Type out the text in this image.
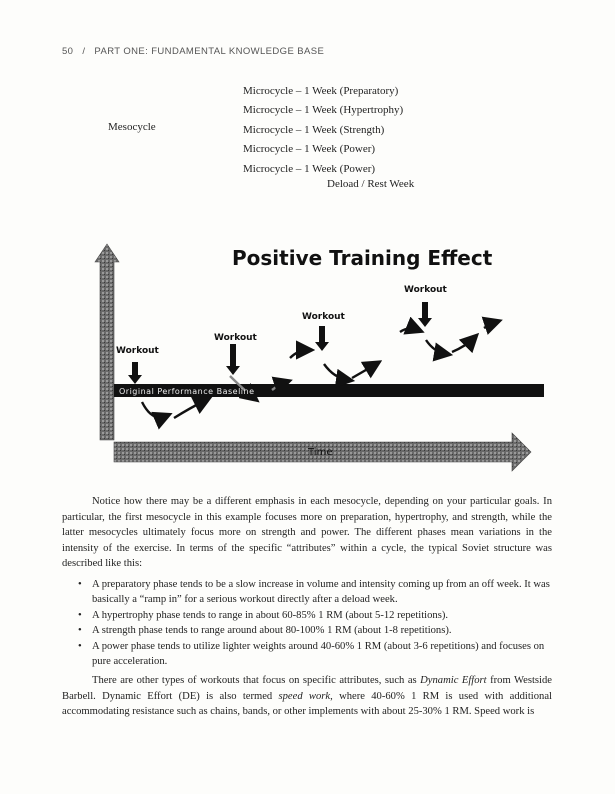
50 / PART ONE: FUNDAMENTAL KNOWLEDGE BASE
Mesocycle
Microcycle – 1 Week (Preparatory)
Microcycle – 1 Week (Hypertrophy)
Microcycle – 1 Week (Strength)
Microcycle – 1 Week (Power)
Microcycle – 1 Week (Power)
Deload / Rest Week
Positive Training Effect
Workout
Workout
Workout
Workout
Original Performance Baseline
Time

Notice how there may be a different emphasis in each mesocycle, depending on your particular goals. In particular, the first mesocycle in this example focuses more on preparation, hypertrophy, and strength, while the latter mesocycles ultimately focus more on strength and power. The different phases mean variations in the intensity of the exercise. In terms of the specific “attributes” within a cycle, the typical Soviet structure was described like this:

• A preparatory phase tends to be a slow increase in volume and intensity coming up from an off week. It was basically a “ramp in” for a serious workout directly after a deload week.
• A hypertrophy phase tends to range in about 60-85% 1 RM (about 5-12 repetitions).
• A strength phase tends to range around about 80-100% 1 RM (about 1-8 repetitions).
• A power phase tends to utilize lighter weights around 40-60% 1 RM (about 3-6 repetitions) and focuses on pure acceleration.

There are other types of workouts that focus on specific attributes, such as Dynamic Effort from Westside Barbell. Dynamic Effort (DE) is also termed speed work, where 40-60% 1 RM is used with additional accommodating resistance such as chains, bands, or other implements with about 25-30% 1 RM. Speed work is
